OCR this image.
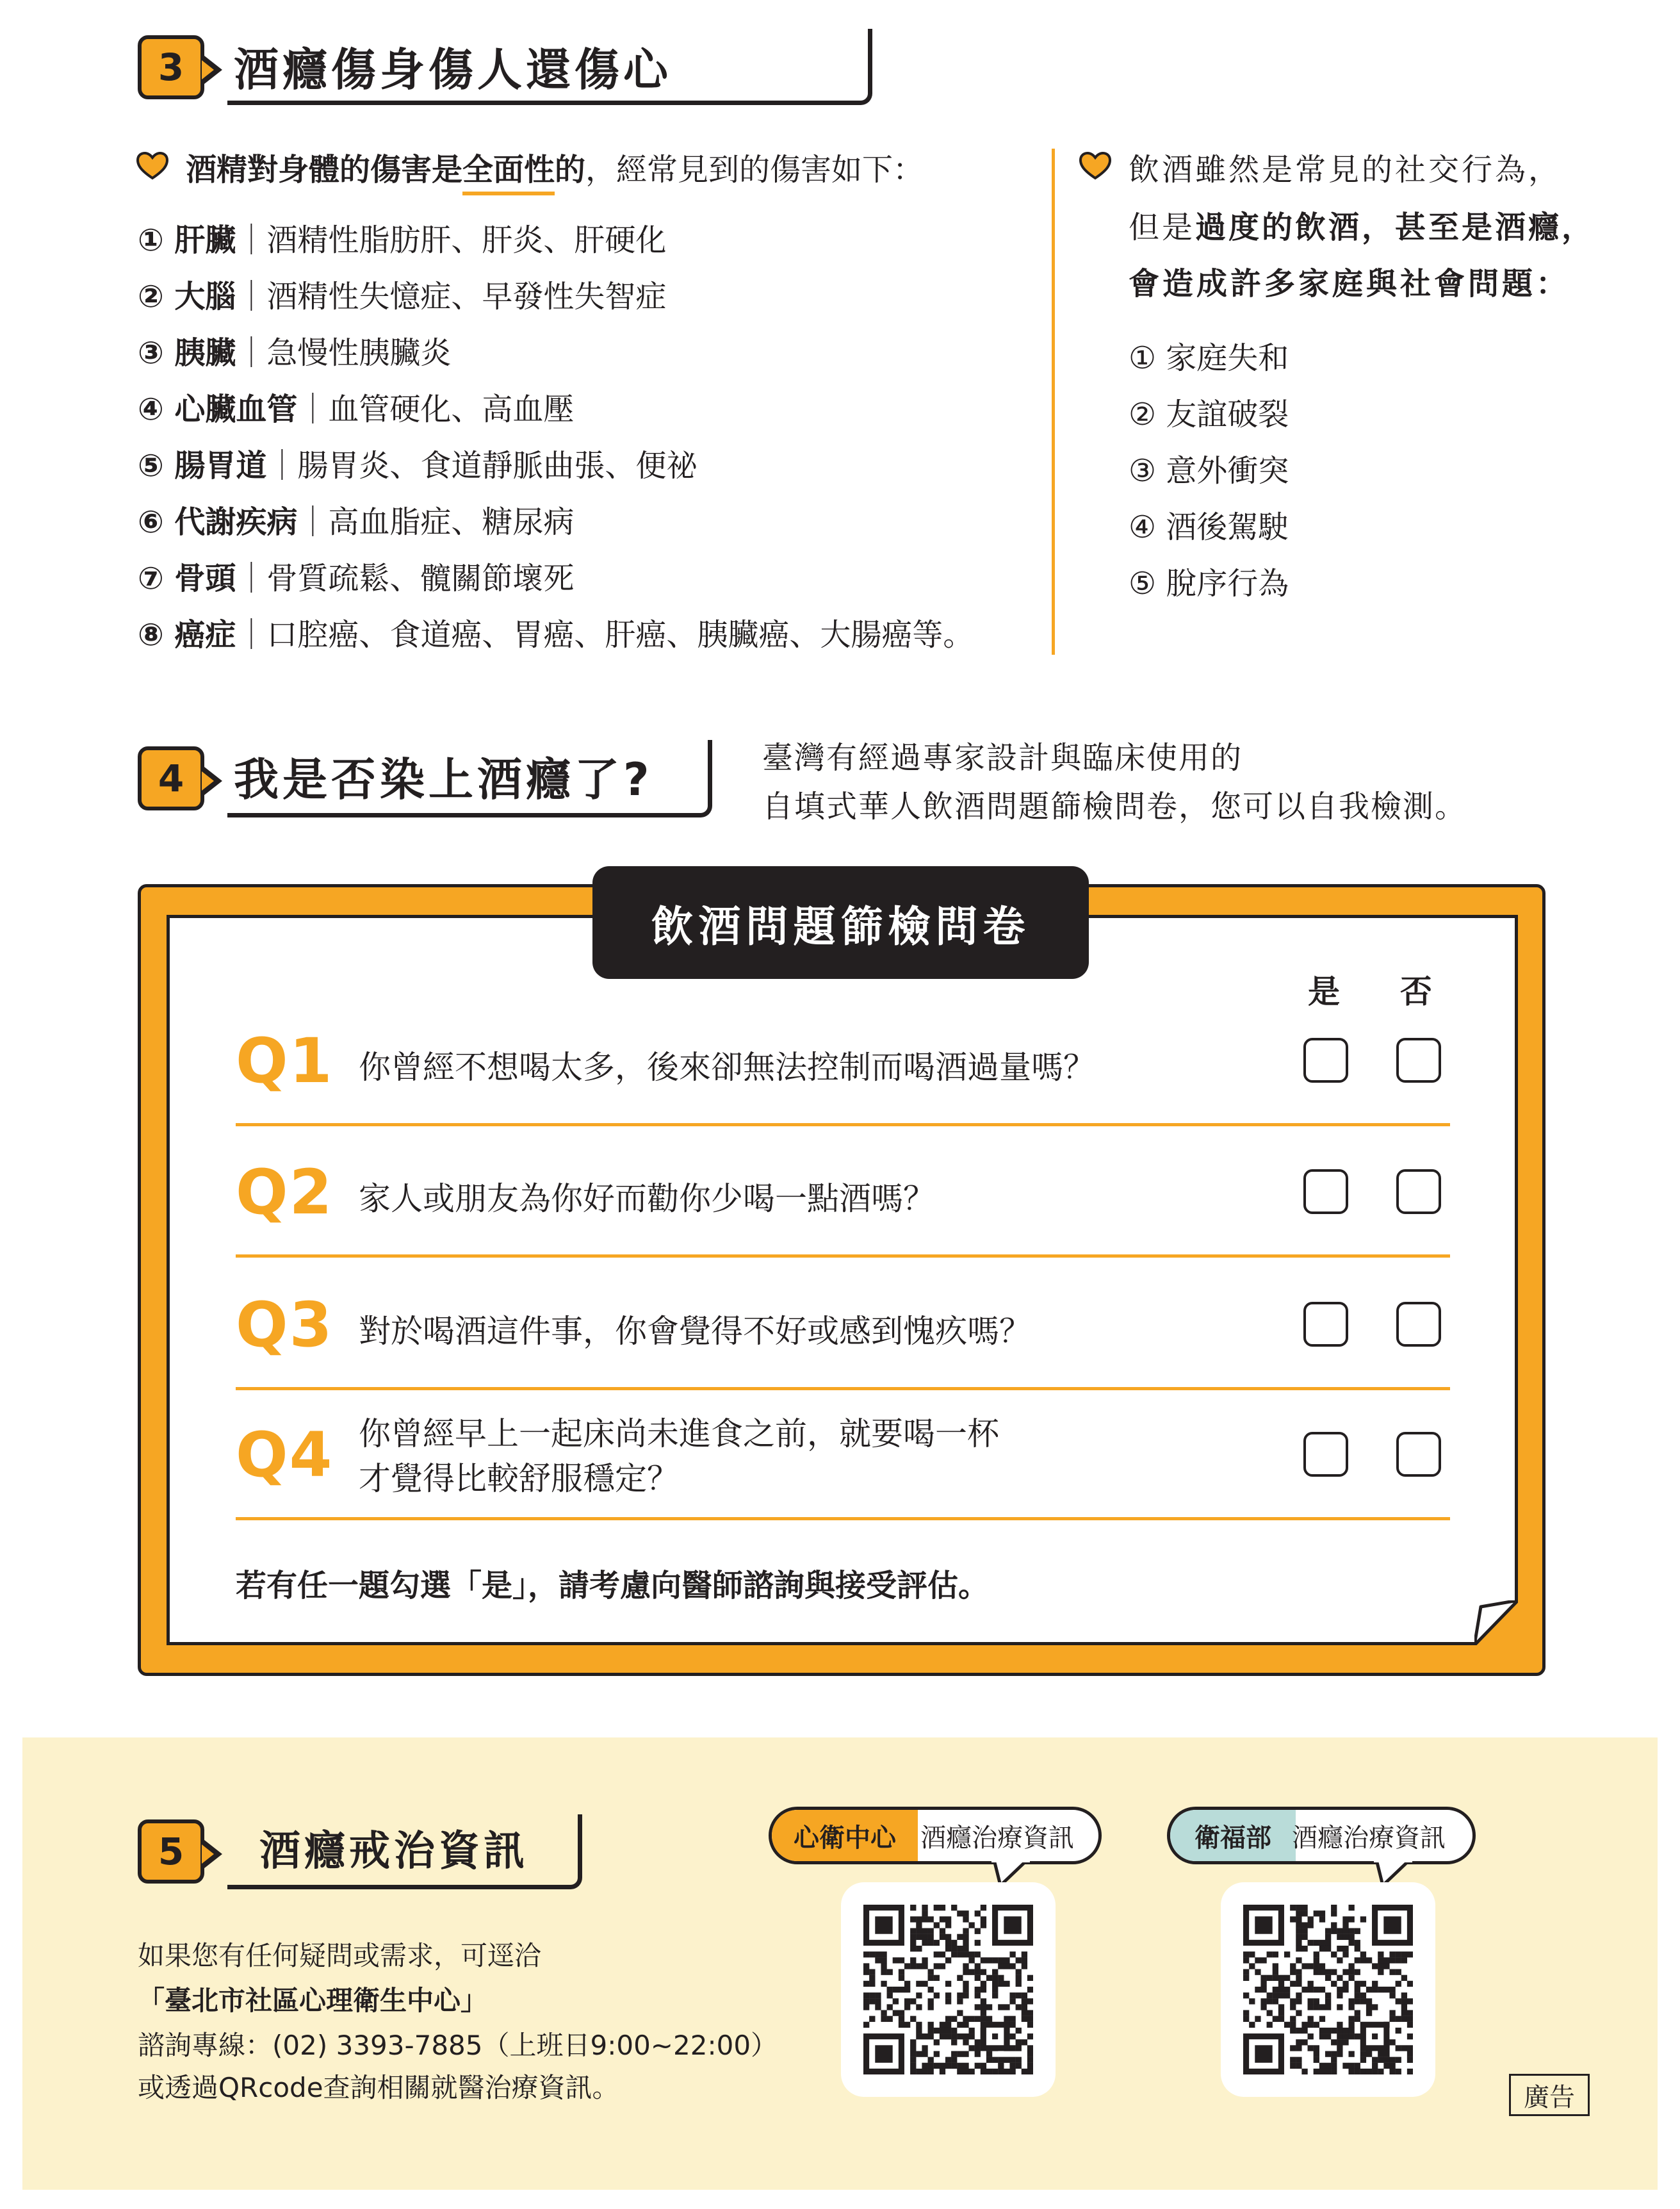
3 酒癮傷身傷人還傷心
酒精對身體的傷害是全面性的，經常見到的傷害如下：
① 肝臟｜酒精性脂肪肝、肝炎、肝硬化
② 大腦｜酒精性失憶症、早發性失智症
③ 胰臟｜急慢性胰臟炎
④ 心臟血管｜血管硬化、高血壓
⑤ 腸胃道｜腸胃炎、食道靜脈曲張、便祕
⑥ 代謝疾病｜高血脂症、糖尿病
⑦ 骨頭｜骨質疏鬆、髖關節壞死
⑧ 癌症｜口腔癌、食道癌、胃癌、肝癌、胰臟癌、大腸癌等。
飲酒雖然是常見的社交行為，
但是過度的飲酒，甚至是酒癮，
會造成許多家庭與社會問題：
① 家庭失和
② 友誼破裂
③ 意外衝突
④ 酒後駕駛
⑤ 脫序行為
4 我是否染上酒癮了?	臺灣有經過專家設計與臨床使用的
自填式華人飲酒問題篩檢問卷，您可以自我檢測。
飲酒問題篩檢問卷
是 否
Q1 你曾經不想喝太多，後來卻無法控制而喝酒過量嗎？
Q2 家人或朋友為你好而勸你少喝一點酒嗎？
Q3 對於喝酒這件事，你會覺得不好或感到愧疚嗎？
Q4 你曾經早上一起床尚未進食之前，就要喝一杯
才覺得比較舒服穩定？
若有任一題勾選「是」，請考慮向醫師諮詢與接受評估。
5 酒癮戒治資訊
如果您有任何疑問或需求，可逕洽
「臺北市社區心理衛生中心」
諮詢專線：(02) 3393-7885（上班日9:00~22:00）
或透過QRcode查詢相關就醫治療資訊。
心衛中心 酒癮治療資訊	衛福部 酒癮治療資訊
廣告
